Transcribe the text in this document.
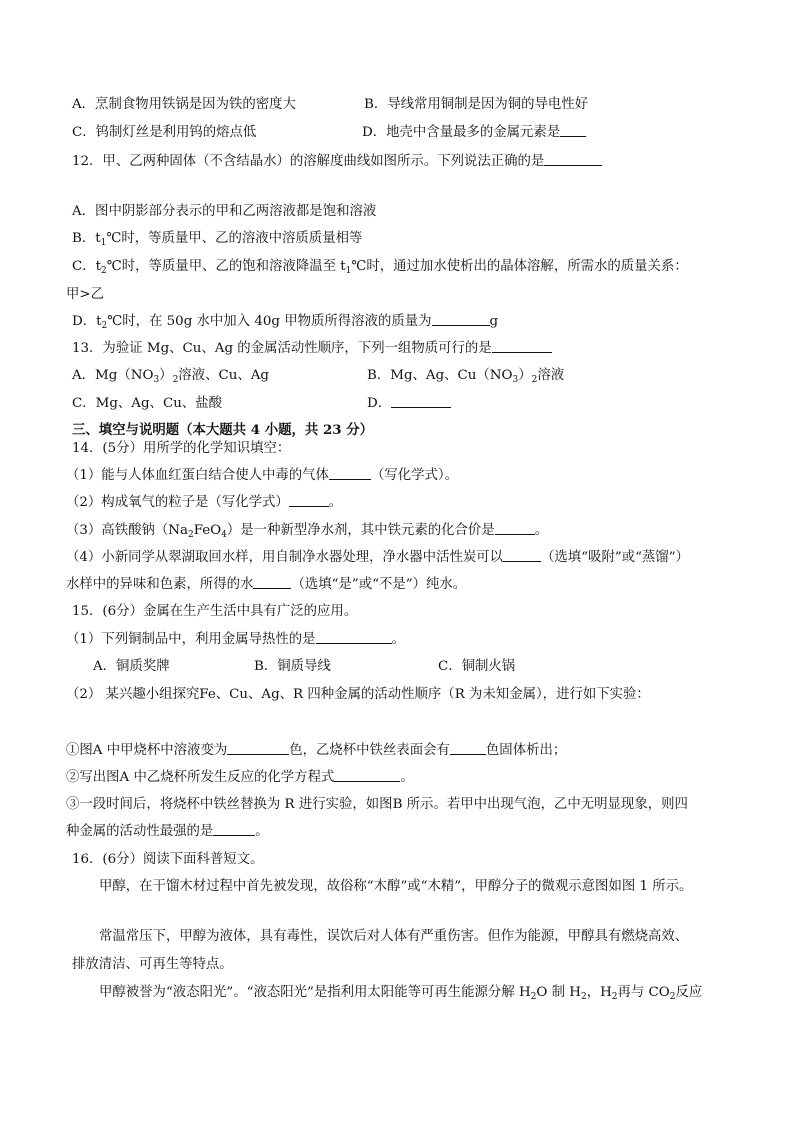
A．烹制食物用铁锅是因为铁的密度大	B．导线常用铜制是因为铜的导电性好
C．钨制灯丝是利用钨的熔点低	D．地壳中含量最多的金属元素是
12．甲、乙两种固体（不含结晶水）的溶解度曲线如图所示。下列说法正确的是
A．图中阴影部分表示的甲和乙两溶液都是饱和溶液
B．$t_1℃$时，等质量甲、乙的溶液中溶质质量相等
C．$t_2℃$时，等质量甲、乙的饱和溶液降温至 $t_1℃$时，通过加水使析出的晶体溶解，所需水的质量关系：
甲>乙
D．$t_2℃$时，在 50g 水中加入 40g 甲物质所得溶液的质量为	g
13．为验证 Mg、Cu、Ag 的金属活动性顺序，下列一组物质可行的是
A．$Mg(NO_3)_2$溶液、Cu、Ag	B．Mg、Ag、$Cu(NO_3)_2$溶液
C．Mg、Ag、Cu、盐酸	D．
三、填空与说明题（本大题共 4 小题，共 23 分）
14．(5分）用所学的化学知识填空：
（1）能与人体血红蛋白结合使人中毒的气体	（写化学式）。
（2）构成氧气的粒子是（写化学式）	。
（3）高铁酸钠$(Na_2FeO_4)$是一种新型净水剂，其中铁元素的化合价是	。
（4）小新同学从翠湖取回水样，用自制净水器处理，净水器中活性炭可以	（选填“吸附”或“蒸馏”）
水样中的异味和色素，所得的水	（选填“是”或“不是”）纯水。
15．(6分）金属在生产生活中具有广泛的应用。
（1）下列铜制品中，利用金属导热性的是	。
A．铜质奖牌	B．铜质导线	C．铜制火锅
（2） 某兴趣小组探究Fe、Cu、Ag、R 四种金属的活动性顺序（R 为未知金属），进行如下实验：
①图A 中甲烧杯中溶液变为	色，乙烧杯中铁丝表面会有	色固体析出；
②写出图A 中乙烧杯所发生反应的化学方程式	。
③一段时间后，将烧杯中铁丝替换为 R 进行实验，如图B 所示。若甲中出现气泡，乙中无明显现象，则四
种金属的活动性最强的是	。
16．(6分）阅读下面科普短文。
甲醇，在干馏木材过程中首先被发现，故俗称“木醇”或“木精”，甲醇分子的微观示意图如图 1 所示。
常温常压下，甲醇为液体，具有毒性，误饮后对人体有严重伤害。但作为能源，甲醇具有燃烧高效、
排放清洁、可再生等特点。
甲醇被誉为“液态阳光”。“液态阳光”是指利用太阳能等可再生能源分解 $H_2O$ 制 $H_2$，$H_2$再与 $CO_2$反应
